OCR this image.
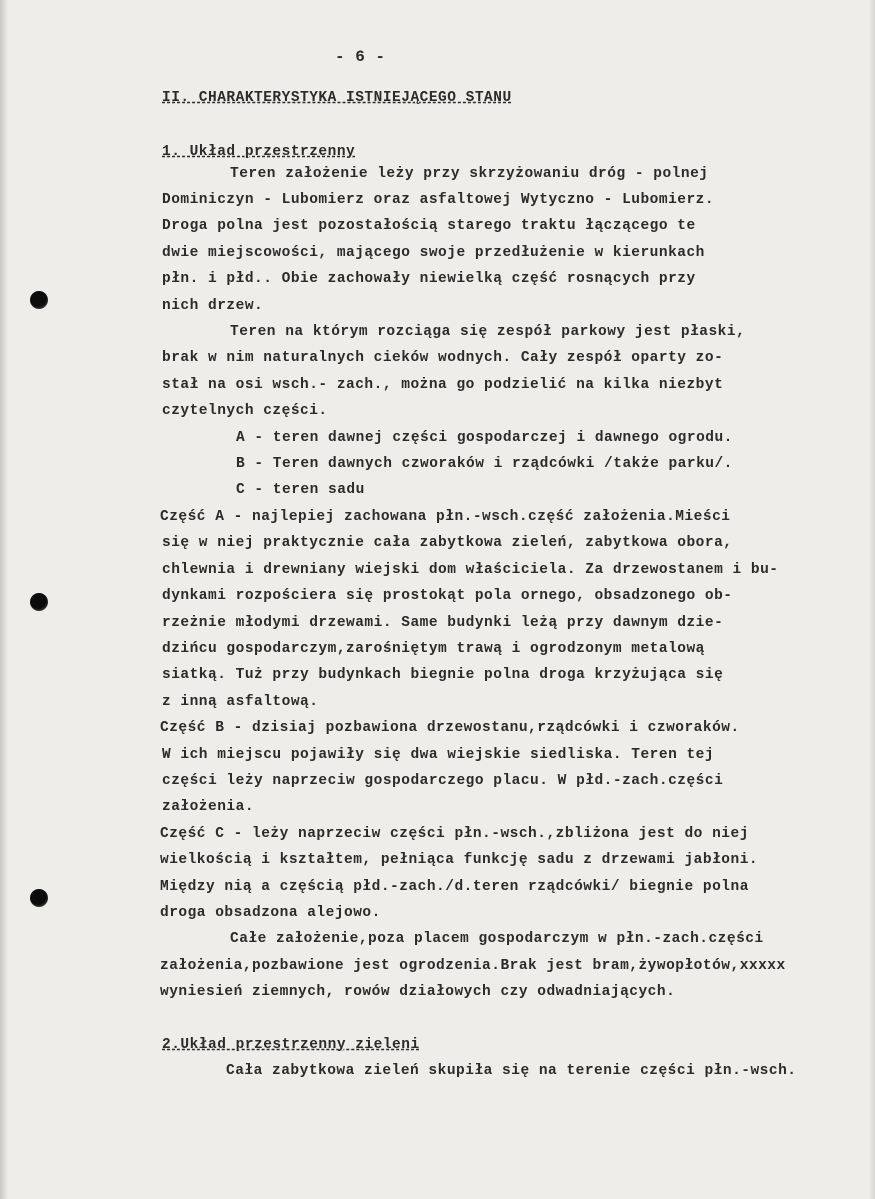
- 6 -
II. CHARAKTERYSTYKA ISTNIEJĄCEGO STANU
1. Układ przestrzenny
Teren założenie leży przy skrzyżowaniu dróg - polnej
Dominiczyn - Lubomierz oraz asfaltowej Wytyczno - Lubomierz.
Droga polna jest pozostałością starego traktu łączącego te
dwie miejscowości, mającego swoje przedłużenie w kierunkach
płn. i płd.. Obie zachowały niewielką część rosnących przy
nich drzew.
Teren na którym rozciąga się zespół parkowy jest płaski,
brak w nim naturalnych cieków wodnych. Cały zespół oparty zo-
stał na osi wsch.- zach., można go podzielić na kilka niezbyt
czytelnych części.
A - teren dawnej części gospodarczej i dawnego ogrodu.
B - Teren dawnych czworaków i rządcówki /także parku/.
C - teren sadu
Część A - najlepiej zachowana płn.-wsch.część założenia.Mieści
się w niej praktycznie cała zabytkowa zieleń, zabytkowa obora,
chlewnia i drewniany wiejski dom właściciela. Za drzewostanem i bu-
dynkami rozpościera się prostokąt pola ornego, obsadzonego ob-
rzeżnie młodymi drzewami. Same budynki leżą przy dawnym dzie-
dzińcu gospodarczym,zarośniętym trawą i ogrodzonym metalową
siatką. Tuż przy budynkach biegnie polna droga krzyżująca się
z inną asfaltową.
Część B - dzisiaj pozbawiona drzewostanu,rządcówki i czworaków.
W ich miejscu pojawiły się dwa wiejskie siedliska. Teren tej
części leży naprzeciw gospodarczego placu. W płd.-zach.części
założenia.
Część C - leży naprzeciw części płn.-wsch.,zbliżona jest do niej
wielkością i kształtem, pełniąca funkcję sadu z drzewami jabłoni.
Między nią a częścią płd.-zach./d.teren rządcówki/ biegnie polna
droga obsadzona alejowo.
Całe założenie,poza placem gospodarczym w płn.-zach.części
założenia,pozbawione jest ogrodzenia.Brak jest bram,żywopłotów,xxxxx
wyniesień ziemnych, rowów działowych czy odwadniających.
2.Układ przestrzenny zieleni
Cała zabytkowa zieleń skupiła się na terenie części płn.-wsch.
